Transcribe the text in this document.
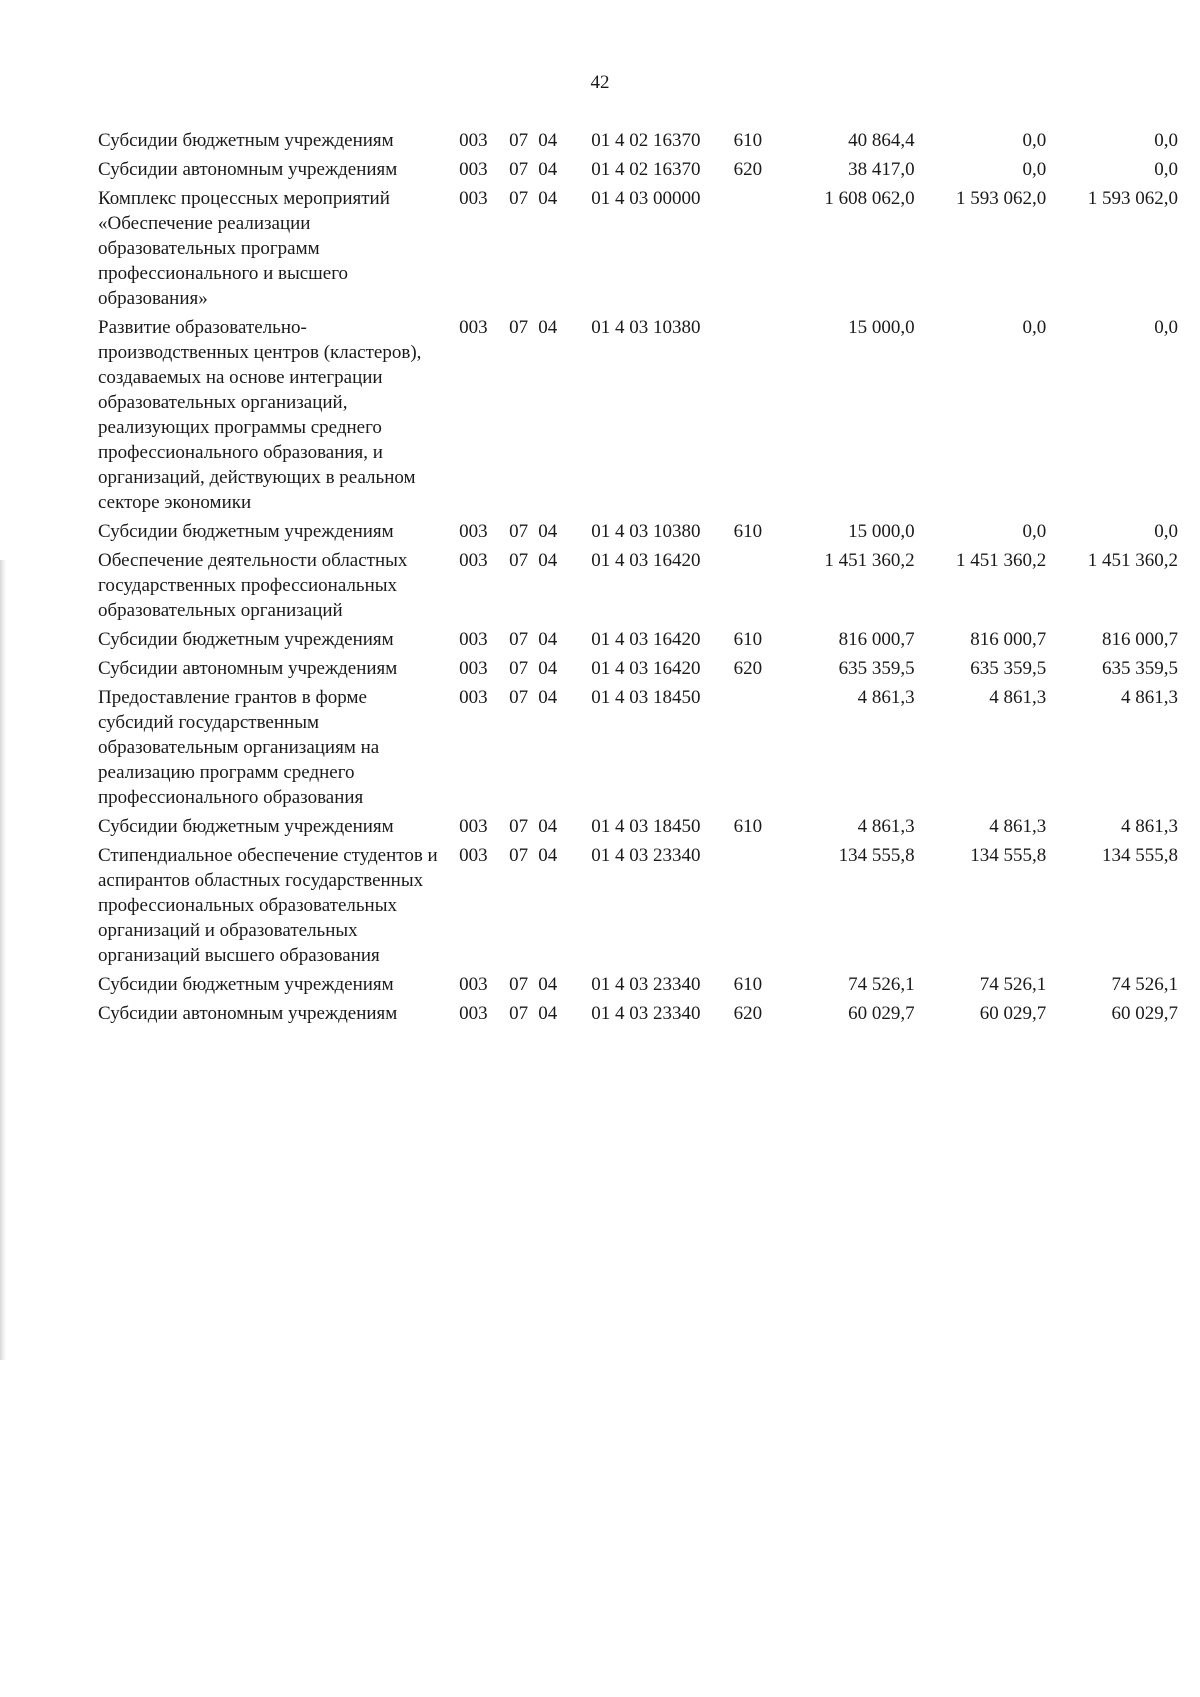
42
Субсидии бюджетным учреждениям	003	07	04	01 4 02 16370	610	40 864,4	0,0	0,0
Субсидии автономным учреждениям	003	07	04	01 4 02 16370	620	38 417,0	0,0	0,0
Комплекс процессных мероприятий «Обеспечение реализации образовательных программ профессионального и высшего образования»	003	07	04	01 4 03 00000		1 608 062,0	1 593 062,0	1 593 062,0
Развитие образовательно-производственных центров (кластеров), создаваемых на основе интеграции образовательных организаций, реализующих программы среднего профессионального образования, и организаций, действующих в реальном секторе экономики	003	07	04	01 4 03 10380		15 000,0	0,0	0,0
Субсидии бюджетным учреждениям	003	07	04	01 4 03 10380	610	15 000,0	0,0	0,0
Обеспечение деятельности областных государственных профессиональных образовательных организаций	003	07	04	01 4 03 16420		1 451 360,2	1 451 360,2	1 451 360,2
Субсидии бюджетным учреждениям	003	07	04	01 4 03 16420	610	816 000,7	816 000,7	816 000,7
Субсидии автономным учреждениям	003	07	04	01 4 03 16420	620	635 359,5	635 359,5	635 359,5
Предоставление грантов в форме субсидий государственным образовательным организациям на реализацию программ среднего профессионального образования	003	07	04	01 4 03 18450		4 861,3	4 861,3	4 861,3
Субсидии бюджетным учреждениям	003	07	04	01 4 03 18450	610	4 861,3	4 861,3	4 861,3
Стипендиальное обеспечение студентов и аспирантов областных государственных профессиональных образовательных организаций и образовательных организаций высшего образования	003	07	04	01 4 03 23340		134 555,8	134 555,8	134 555,8
Субсидии бюджетным учреждениям	003	07	04	01 4 03 23340	610	74 526,1	74 526,1	74 526,1
Субсидии автономным учреждениям	003	07	04	01 4 03 23340	620	60 029,7	60 029,7	60 029,7
